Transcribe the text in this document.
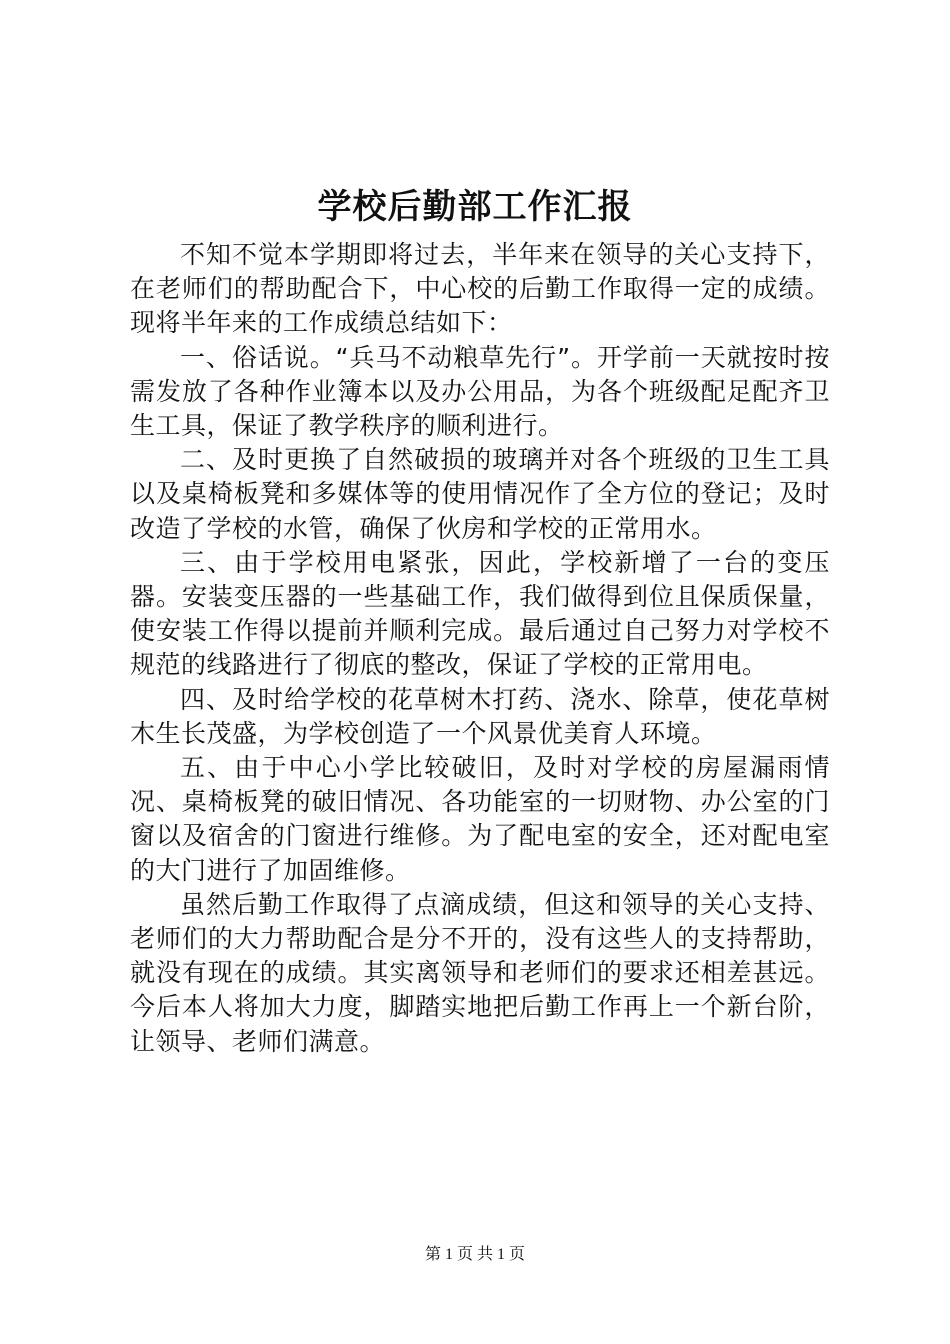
学校后勤部工作汇报

不知不觉本学期即将过去，半年来在领导的关心支持下，在老师们的帮助配合下，中心校的后勤工作取得一定的成绩。现将半年来的工作成绩总结如下：

一、俗话说。“兵马不动粮草先行”。开学前一天就按时按需发放了各种作业簿本以及办公用品，为各个班级配足配齐卫生工具，保证了教学秩序的顺利进行。

二、及时更换了自然破损的玻璃并对各个班级的卫生工具以及桌椅板凳和多媒体等的使用情况作了全方位的登记；及时改造了学校的水管，确保了伙房和学校的正常用水。

三、由于学校用电紧张，因此，学校新增了一台的变压器。安装变压器的一些基础工作，我们做得到位且保质保量，使安装工作得以提前并顺利完成。最后通过自己努力对学校不规范的线路进行了彻底的整改，保证了学校的正常用电。

四、及时给学校的花草树木打药、浇水、除草，使花草树木生长茂盛，为学校创造了一个风景优美育人环境。

五、由于中心小学比较破旧，及时对学校的房屋漏雨情况、桌椅板凳的破旧情况、各功能室的一切财物、办公室的门窗以及宿舍的门窗进行维修。为了配电室的安全，还对配电室的大门进行了加固维修。

虽然后勤工作取得了点滴成绩，但这和领导的关心支持、老师们的大力帮助配合是分不开的，没有这些人的支持帮助，就没有现在的成绩。其实离领导和老师们的要求还相差甚远。今后本人将加大力度，脚踏实地把后勤工作再上一个新台阶，让领导、老师们满意。

第 1 页 共 1 页
